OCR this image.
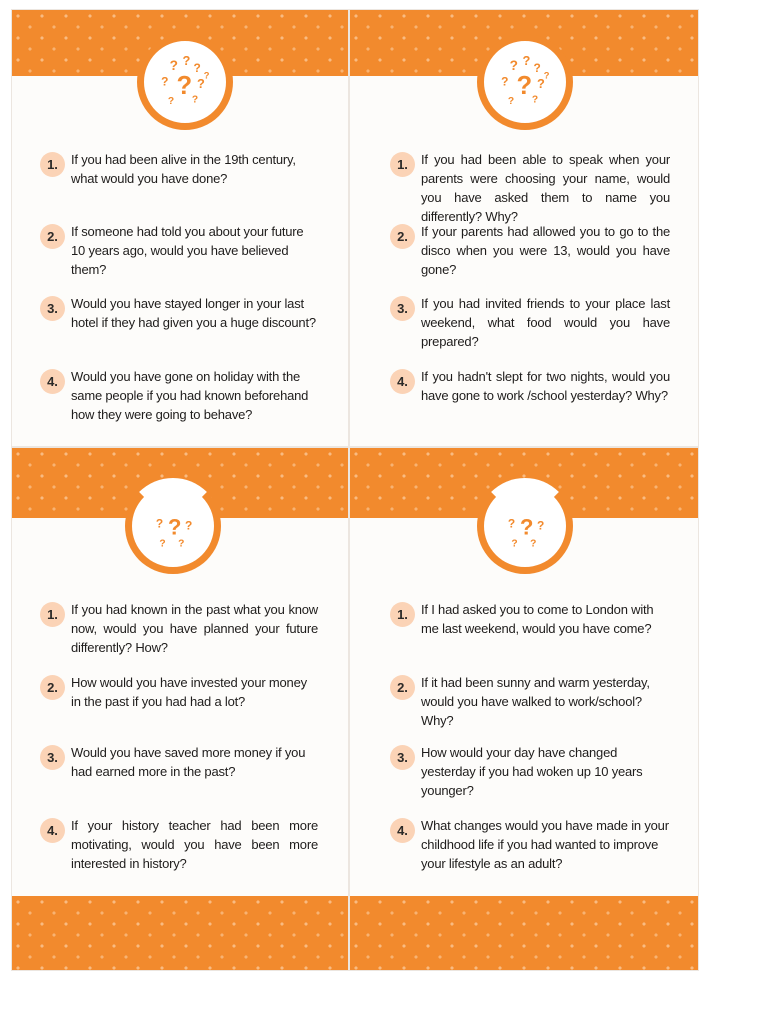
? ? ?
? ? ?
? ?
?
1.	If you had been alive in the 19th century, what would you have done?
2.	If someone had told you about your future 10 years ago, would you have believed them?
3.	Would you have stayed longer in your last hotel if they had given you a huge discount?
4.	Would you have gone on holiday with the same people if you had known beforehand how they were going to behave?
? ? ?
? ? ?
? ?
?
1.	If you had been able to speak when your parents were choosing your name, would you have asked them to name you differently? Why?
2.	If your parents had allowed you to go to the disco when you were 13, would you have gone?
3.	If you had invited friends to your place last weekend, what food would you have prepared?
4.	If you hadn't slept for two nights, would you have gone to work /school yesterday? Why?
? ? ?
? ?
1.	If you had known in the past what you know now, would you have planned your future differently? How?
2.	How would you have invested your money in the past if you had had a lot?
3.	Would you have saved more money if you had earned more in the past?
4.	If your history teacher had been more motivating, would you have been more interested in history?
? ? ?
? ?
1.	If I had asked you to come to London with me last weekend, would you have come?
2.	If it had been sunny and warm yesterday, would you have walked to work/school? Why?
3.	How would your day have changed yesterday if you had woken up 10 years younger?
4.	What changes would you have made in your childhood life if you had wanted to improve your lifestyle as an adult?
